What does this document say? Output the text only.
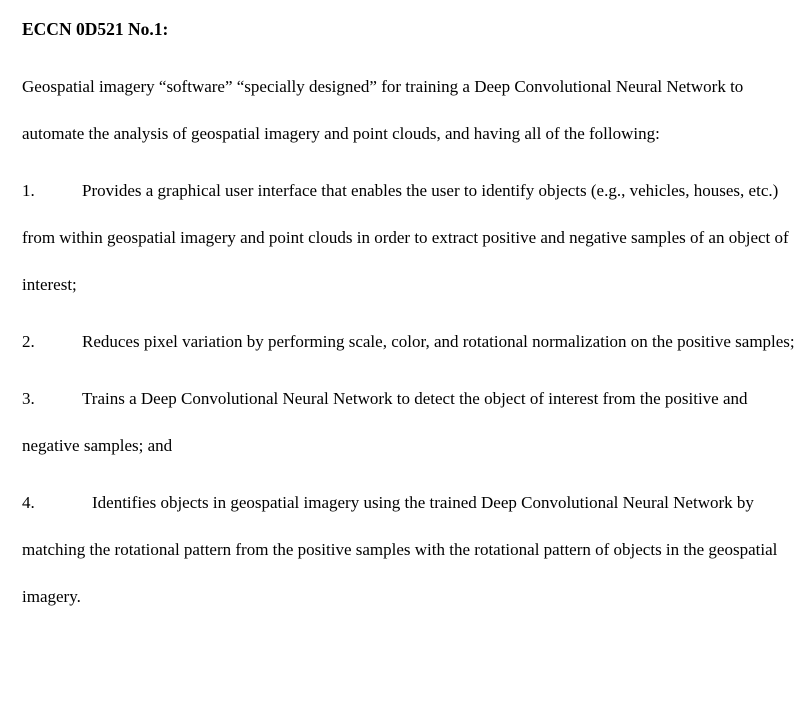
ECCN 0D521 No.1:

Geospatial imagery “software” “specially designed” for training a Deep Convolutional Neural Network to automate the analysis of geospatial imagery and point clouds, and having all of the following:

1.	Provides a graphical user interface that enables the user to identify objects (e.g., vehicles, houses, etc.) from within geospatial imagery and point clouds in order to extract positive and negative samples of an object of interest;

2.	Reduces pixel variation by performing scale, color, and rotational normalization on the positive samples;

3.	Trains a Deep Convolutional Neural Network to detect the object of interest from the positive and negative samples; and

4.	Identifies objects in geospatial imagery using the trained Deep Convolutional Neural Network by matching the rotational pattern from the positive samples with the rotational pattern of objects in the geospatial imagery.
